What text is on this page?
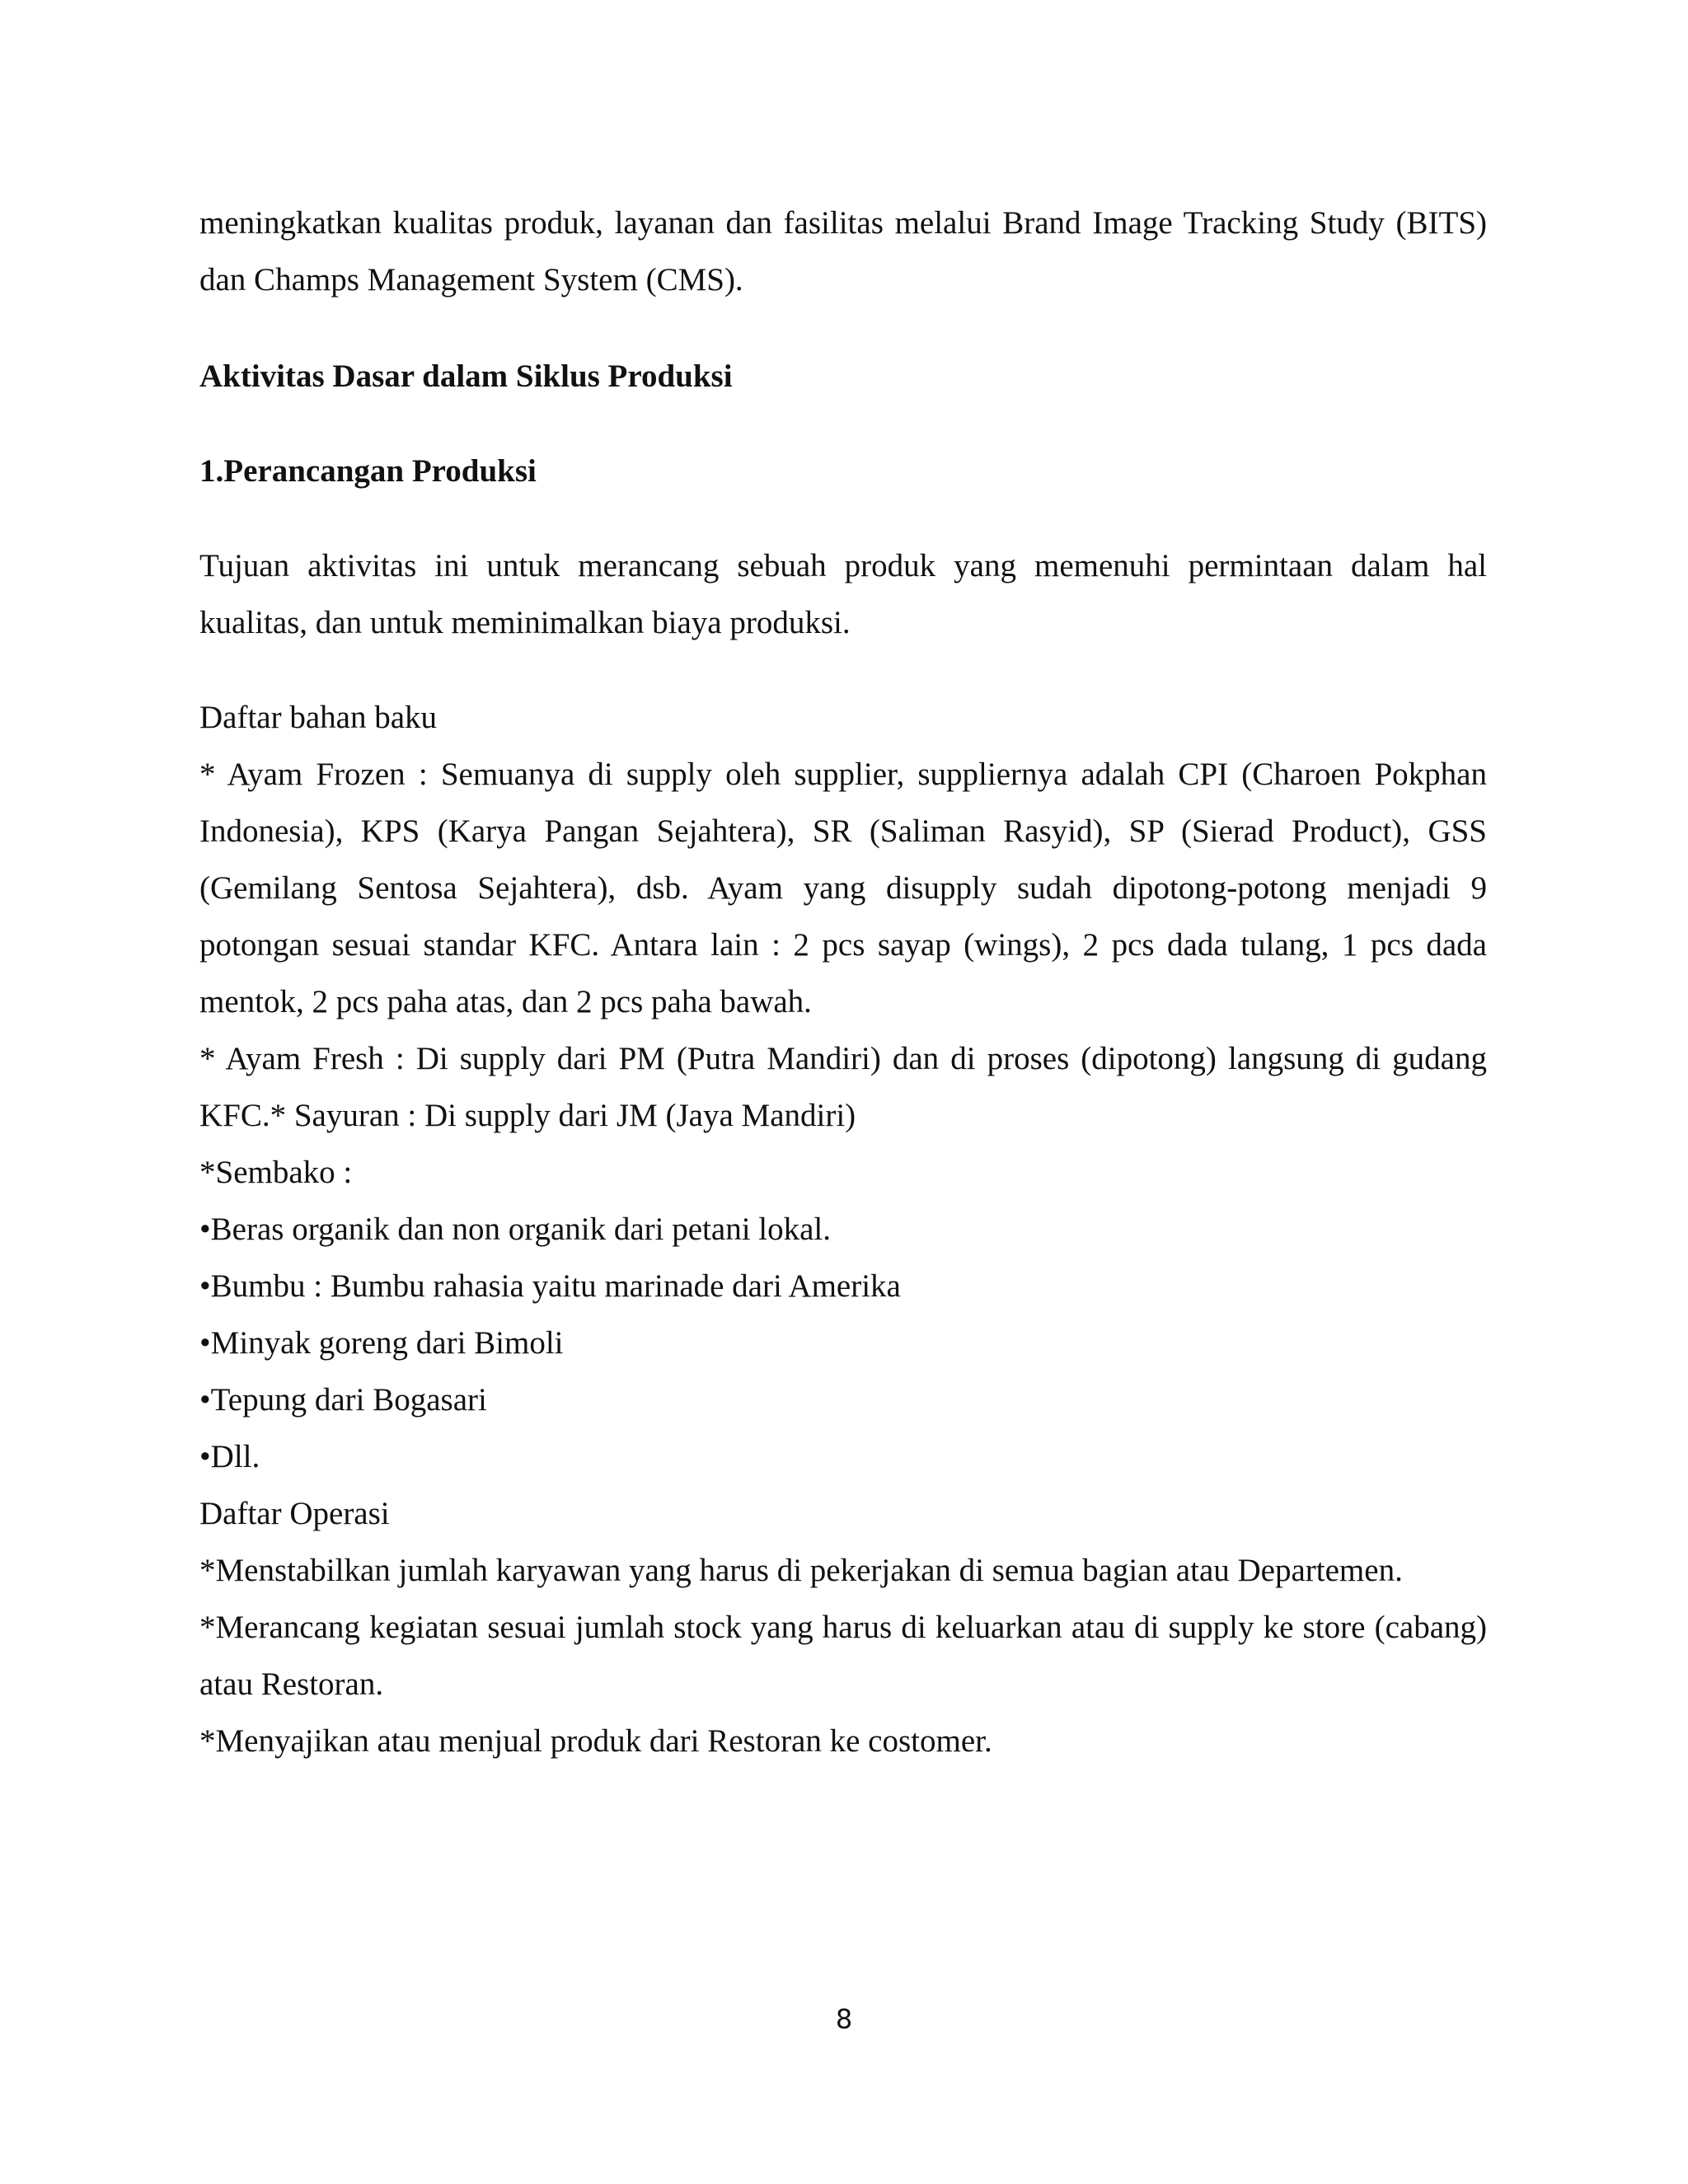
meningkatkan kualitas produk, layanan dan fasilitas melalui Brand Image Tracking Study (BITS) dan Champs Management System (CMS).

Aktivitas Dasar dalam Siklus Produksi

1.Perancangan Produksi

Tujuan aktivitas ini untuk merancang sebuah produk yang memenuhi permintaan dalam hal kualitas, dan untuk meminimalkan biaya produksi.

Daftar bahan baku

* Ayam Frozen : Semuanya di supply oleh supplier, suppliernya adalah CPI (Charoen Pokphan Indonesia), KPS (Karya Pangan Sejahtera), SR (Saliman Rasyid), SP (Sierad Product), GSS (Gemilang Sentosa Sejahtera), dsb. Ayam yang disupply sudah dipotong-potong menjadi 9 potongan sesuai standar KFC. Antara lain : 2 pcs sayap (wings), 2 pcs dada tulang, 1 pcs dada mentok, 2 pcs paha atas, dan 2 pcs paha bawah.

* Ayam Fresh : Di supply dari PM (Putra Mandiri) dan di proses (dipotong) langsung di gudang KFC.* Sayuran : Di supply dari JM (Jaya Mandiri)

*Sembako :

•Beras organik dan non organik dari petani lokal.

•Bumbu : Bumbu rahasia yaitu marinade dari Amerika

•Minyak goreng dari Bimoli

•Tepung dari Bogasari

•Dll.

Daftar Operasi

*Menstabilkan jumlah karyawan yang harus di pekerjakan di semua bagian atau Departemen.

*Merancang kegiatan sesuai jumlah stock yang harus di keluarkan atau di supply ke store (cabang) atau Restoran.

*Menyajikan atau menjual produk dari Restoran ke costomer.

8
